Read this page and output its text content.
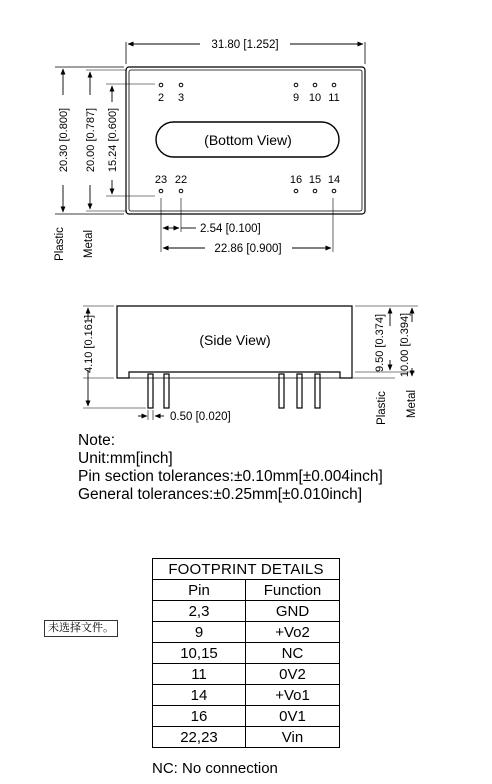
(Bottom View)
31.80 [1.252]
2 3	9 10 11
23 22	16 15 14
20.30 [0.800] 20.00 [0.787] 15.24 [0.600]
Plastic Metal
2.54 [0.100]
22.86 [0.900]
(Side View)
4.10 [0.161]
0.50 [0.020]
9.50 [0.374] 10.00 [0.394]
Plastic Metal
Note:
Unit:mm[inch]
Pin section tolerances:±0.10mm[±0.004inch]
General tolerances:±0.25mm[±0.010inch]
未选择文件。
FOOTPRINT DETAILS	
Pin	Function
2,3	GND
9	+Vo2
10,15	NC
11	0V2
14	+Vo1
16	0V1
22,23	Vin
NC: No connection
